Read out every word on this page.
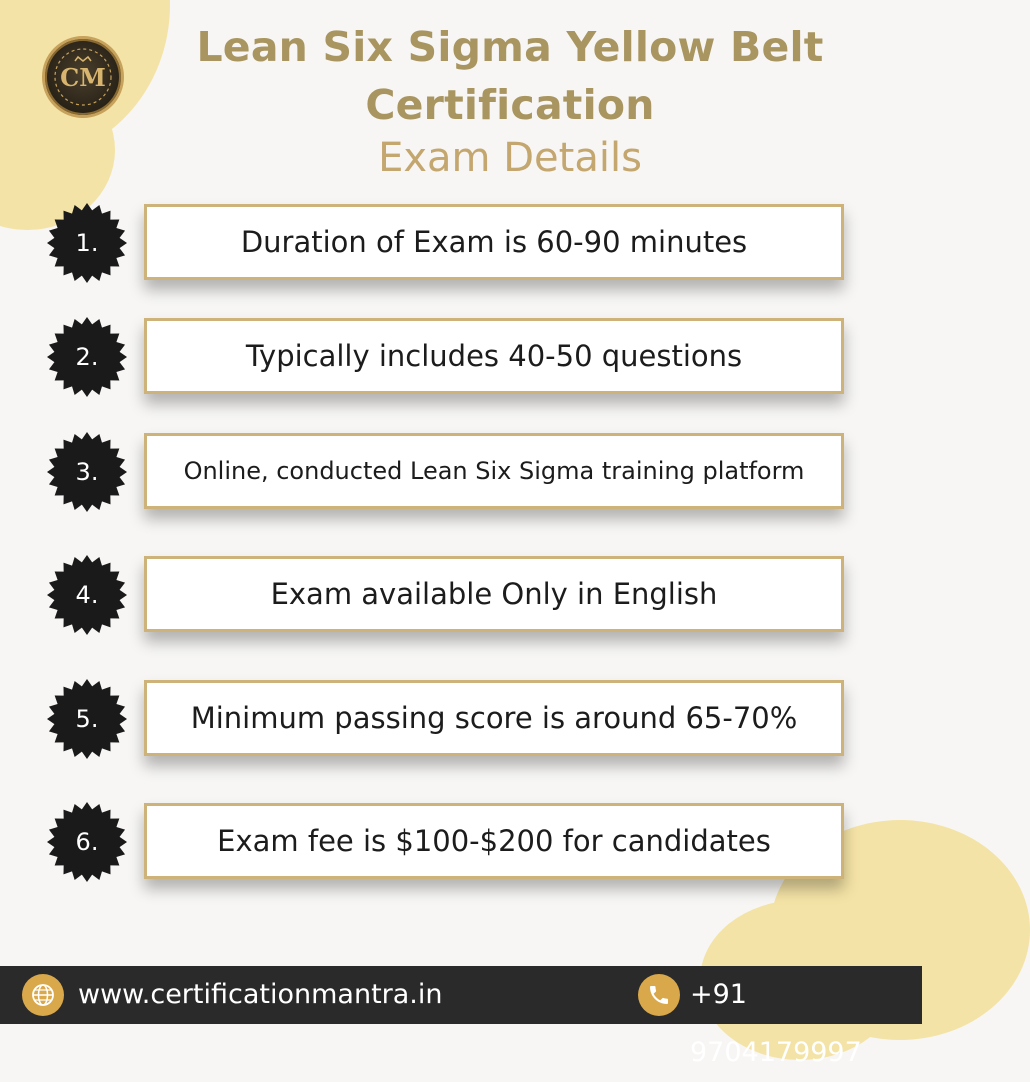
CM
Lean Six Sigma Yellow Belt Certification
Exam Details
1.	Duration of Exam is 60-90 minutes
2.	Typically includes 40-50 questions
3.	Online, conducted Lean Six Sigma training platform
4.	Exam available Only in English
5.	Minimum passing score is around 65-70%
6.	Exam fee is $100-$200 for candidates
www.certificationmantra.in	+91 9704179997
